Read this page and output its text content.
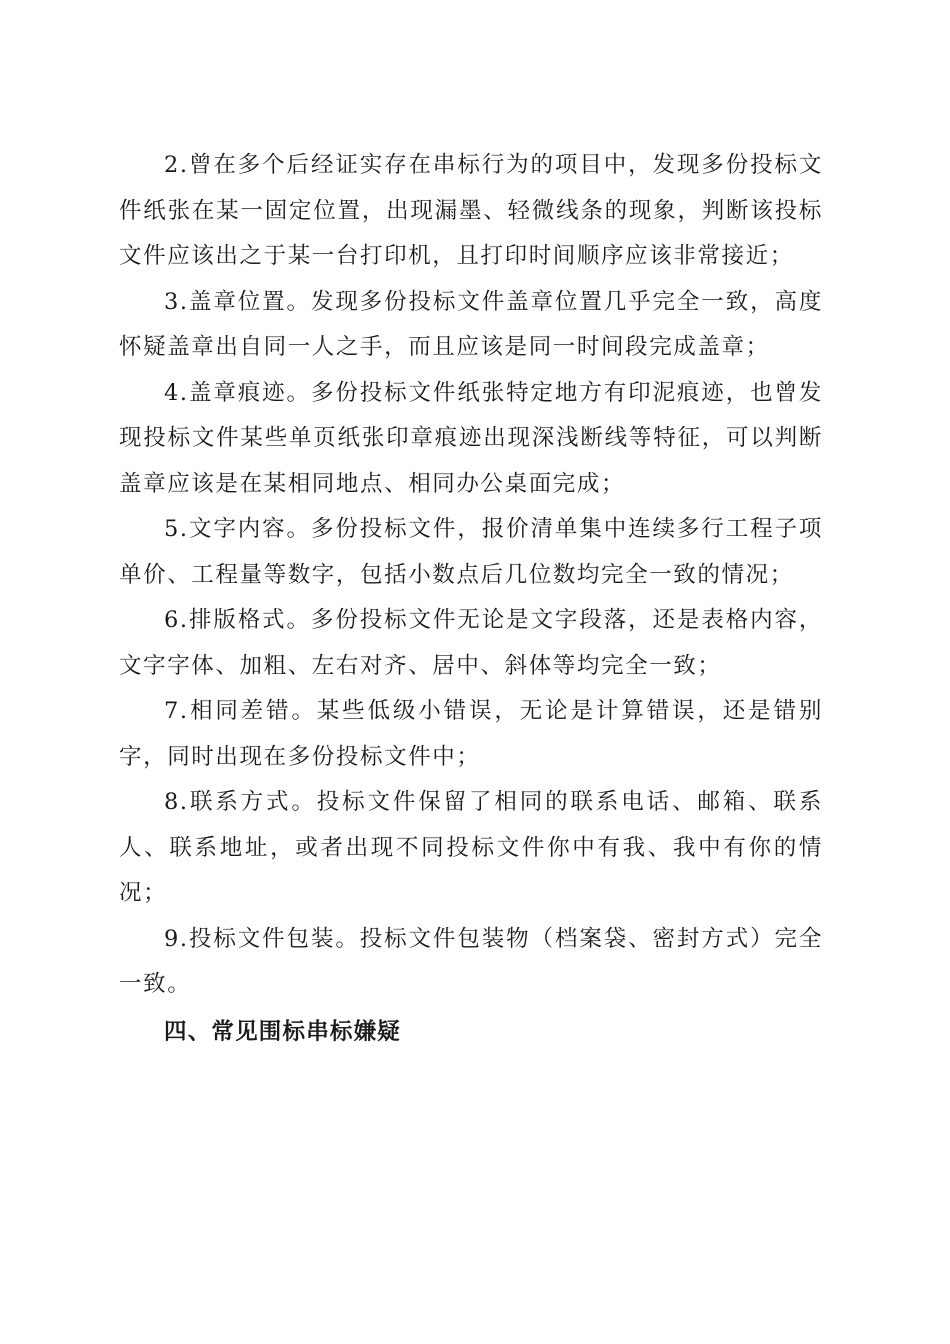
2.曾在多个后经证实存在串标行为的项目中，发现多份投标文件纸张在某一固定位置，出现漏墨、轻微线条的现象，判断该投标文件应该出之于某一台打印机，且打印时间顺序应该非常接近；

3.盖章位置。发现多份投标文件盖章位置几乎完全一致，高度怀疑盖章出自同一人之手，而且应该是同一时间段完成盖章；

4.盖章痕迹。多份投标文件纸张特定地方有印泥痕迹，也曾发现投标文件某些单页纸张印章痕迹出现深浅断线等特征，可以判断盖章应该是在某相同地点、相同办公桌面完成；

5.文字内容。多份投标文件，报价清单集中连续多行工程子项单价、工程量等数字，包括小数点后几位数均完全一致的情况；

6.排版格式。多份投标文件无论是文字段落，还是表格内容，文字字体、加粗、左右对齐、居中、斜体等均完全一致；

7.相同差错。某些低级小错误，无论是计算错误，还是错别字，同时出现在多份投标文件中；

8.联系方式。投标文件保留了相同的联系电话、邮箱、联系人、联系地址，或者出现不同投标文件你中有我、我中有你的情况；

9.投标文件包装。投标文件包装物（档案袋、密封方式）完全一致。

四、常见围标串标嫌疑
